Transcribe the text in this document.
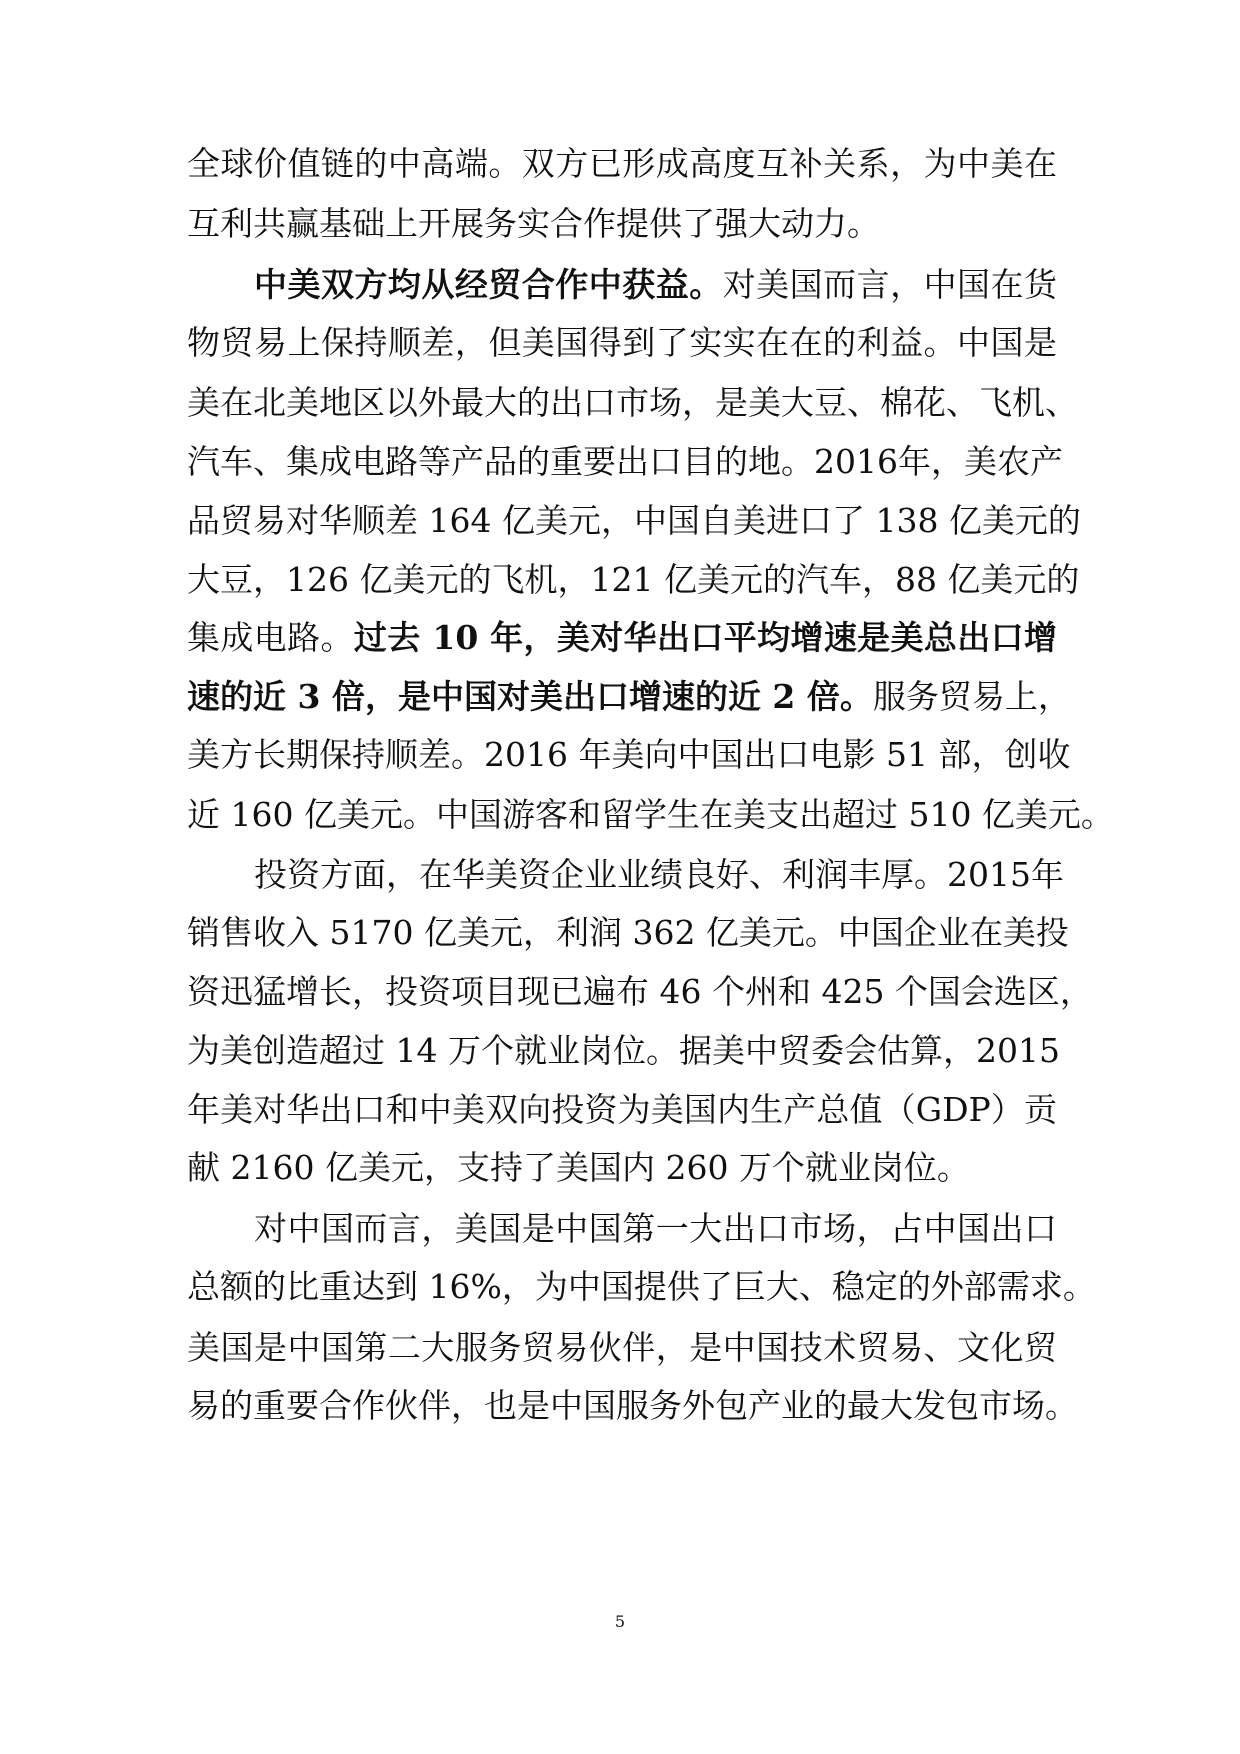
全球价值链的中高端。双方已形成高度互补关系，为中美在
互利共赢基础上开展务实合作提供了强大动力。
中美双方均从经贸合作中获益。对美国而言，中国在货
物贸易上保持顺差，但美国得到了实实在在的利益。中国是
美在北美地区以外最大的出口市场，是美大豆、棉花、飞机、
汽车、集成电路等产品的重要出口目的地。2016年，美农产
品贸易对华顺差 164 亿美元，中国自美进口了 138 亿美元的
大豆，126 亿美元的飞机，121 亿美元的汽车，88 亿美元的
集成电路。过去 10 年，美对华出口平均增速是美总出口增
速的近 3 倍，是中国对美出口增速的近 2 倍。服务贸易上，
美方长期保持顺差。2016 年美向中国出口电影 51 部，创收
近 160 亿美元。中国游客和留学生在美支出超过 510 亿美元。
投资方面，在华美资企业业绩良好、利润丰厚。2015年
销售收入 5170 亿美元，利润 362 亿美元。中国企业在美投
资迅猛增长，投资项目现已遍布 46 个州和 425 个国会选区，
为美创造超过 14 万个就业岗位。据美中贸委会估算，2015
年美对华出口和中美双向投资为美国内生产总值（GDP）贡
献 2160 亿美元，支持了美国内 260 万个就业岗位。
对中国而言，美国是中国第一大出口市场，占中国出口
总额的比重达到 16%，为中国提供了巨大、稳定的外部需求。
美国是中国第二大服务贸易伙伴，是中国技术贸易、文化贸
易的重要合作伙伴，也是中国服务外包产业的最大发包市场。
5
